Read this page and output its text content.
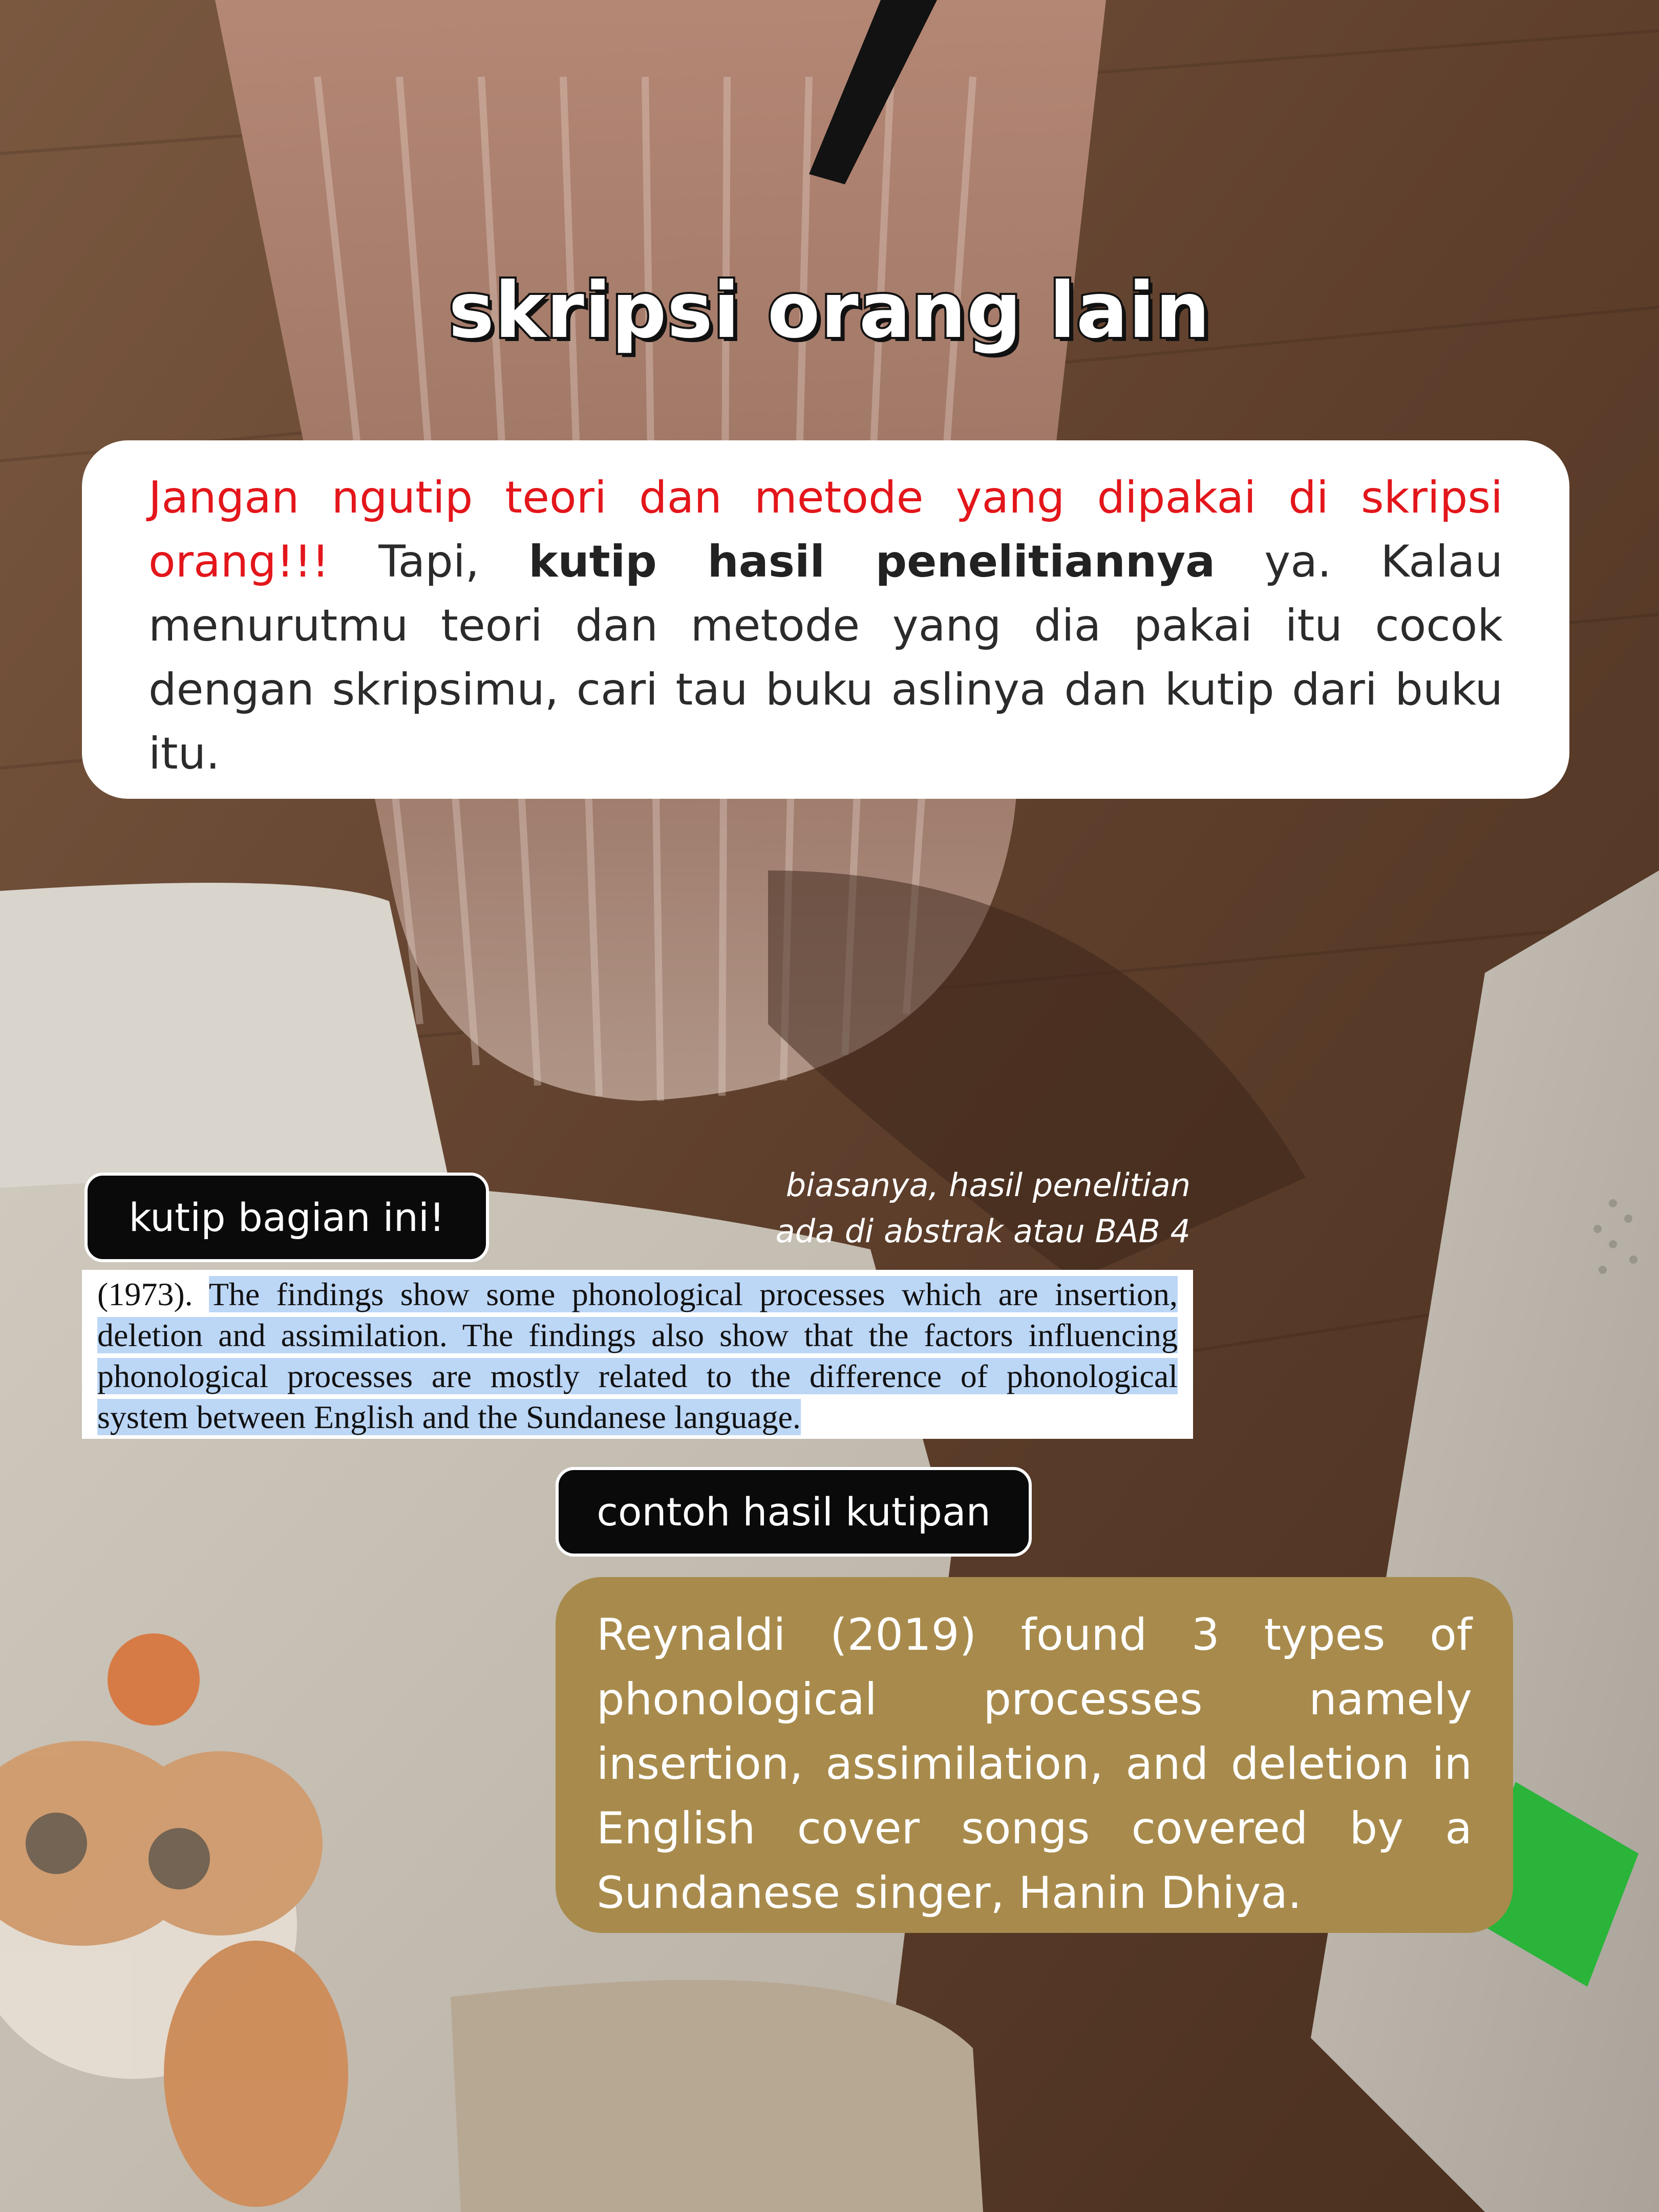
skripsi orang lain
Jangan ngutip teori dan metode yang dipakai di skripsi orang!!! Tapi, kutip hasil penelitiannya ya. Kalau menurutmu teori dan metode yang dia pakai itu cocok dengan skripsimu, cari tau buku aslinya dan kutip dari buku itu.
kutip bagian ini!
biasanya, hasil penelitian
ada di abstrak atau BAB 4
(1973). The findings show some phonological processes which are insertion, deletion and assimilation. The findings also show that the factors influencing phonological processes are mostly related to the difference of phonological system between English and the Sundanese language.
contoh hasil kutipan
Reynaldi (2019) found 3 types of phonological processes namely insertion, assimilation, and deletion in English cover songs covered by a Sundanese singer, Hanin Dhiya.
